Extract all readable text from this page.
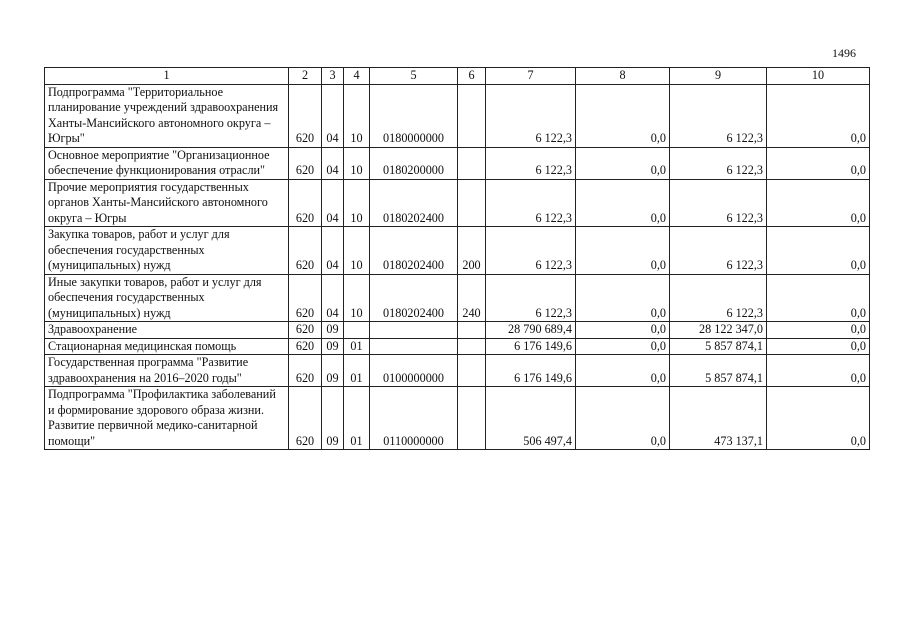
1496
1	2	3	4	5	6	7	8	9	10
Подпрограмма "Территориальное планирование учреждений здравоохранения Ханты-Мансийского автономного округа – Югры"	620	04	10	0180000000		6 122,3	0,0	6 122,3	0,0
Основное мероприятие "Организационное обеспечение функционирования отрасли"	620	04	10	0180200000		6 122,3	0,0	6 122,3	0,0
Прочие мероприятия государственных органов Ханты-Мансийского автономного округа – Югры	620	04	10	0180202400		6 122,3	0,0	6 122,3	0,0
Закупка товаров, работ и услуг для обеспечения государственных (муниципальных) нужд	620	04	10	0180202400	200	6 122,3	0,0	6 122,3	0,0
Иные закупки товаров, работ и услуг для обеспечения государственных (муниципальных) нужд	620	04	10	0180202400	240	6 122,3	0,0	6 122,3	0,0
Здравоохранение	620	09				28 790 689,4	0,0	28 122 347,0	0,0
Стационарная медицинская помощь	620	09	01			6 176 149,6	0,0	5 857 874,1	0,0
Государственная программа "Развитие здравоохранения на 2016–2020 годы"	620	09	01	0100000000		6 176 149,6	0,0	5 857 874,1	0,0
Подпрограмма "Профилактика заболеваний и формирование здорового образа жизни. Развитие первичной медико-санитарной помощи"	620	09	01	0110000000		506 497,4	0,0	473 137,1	0,0
